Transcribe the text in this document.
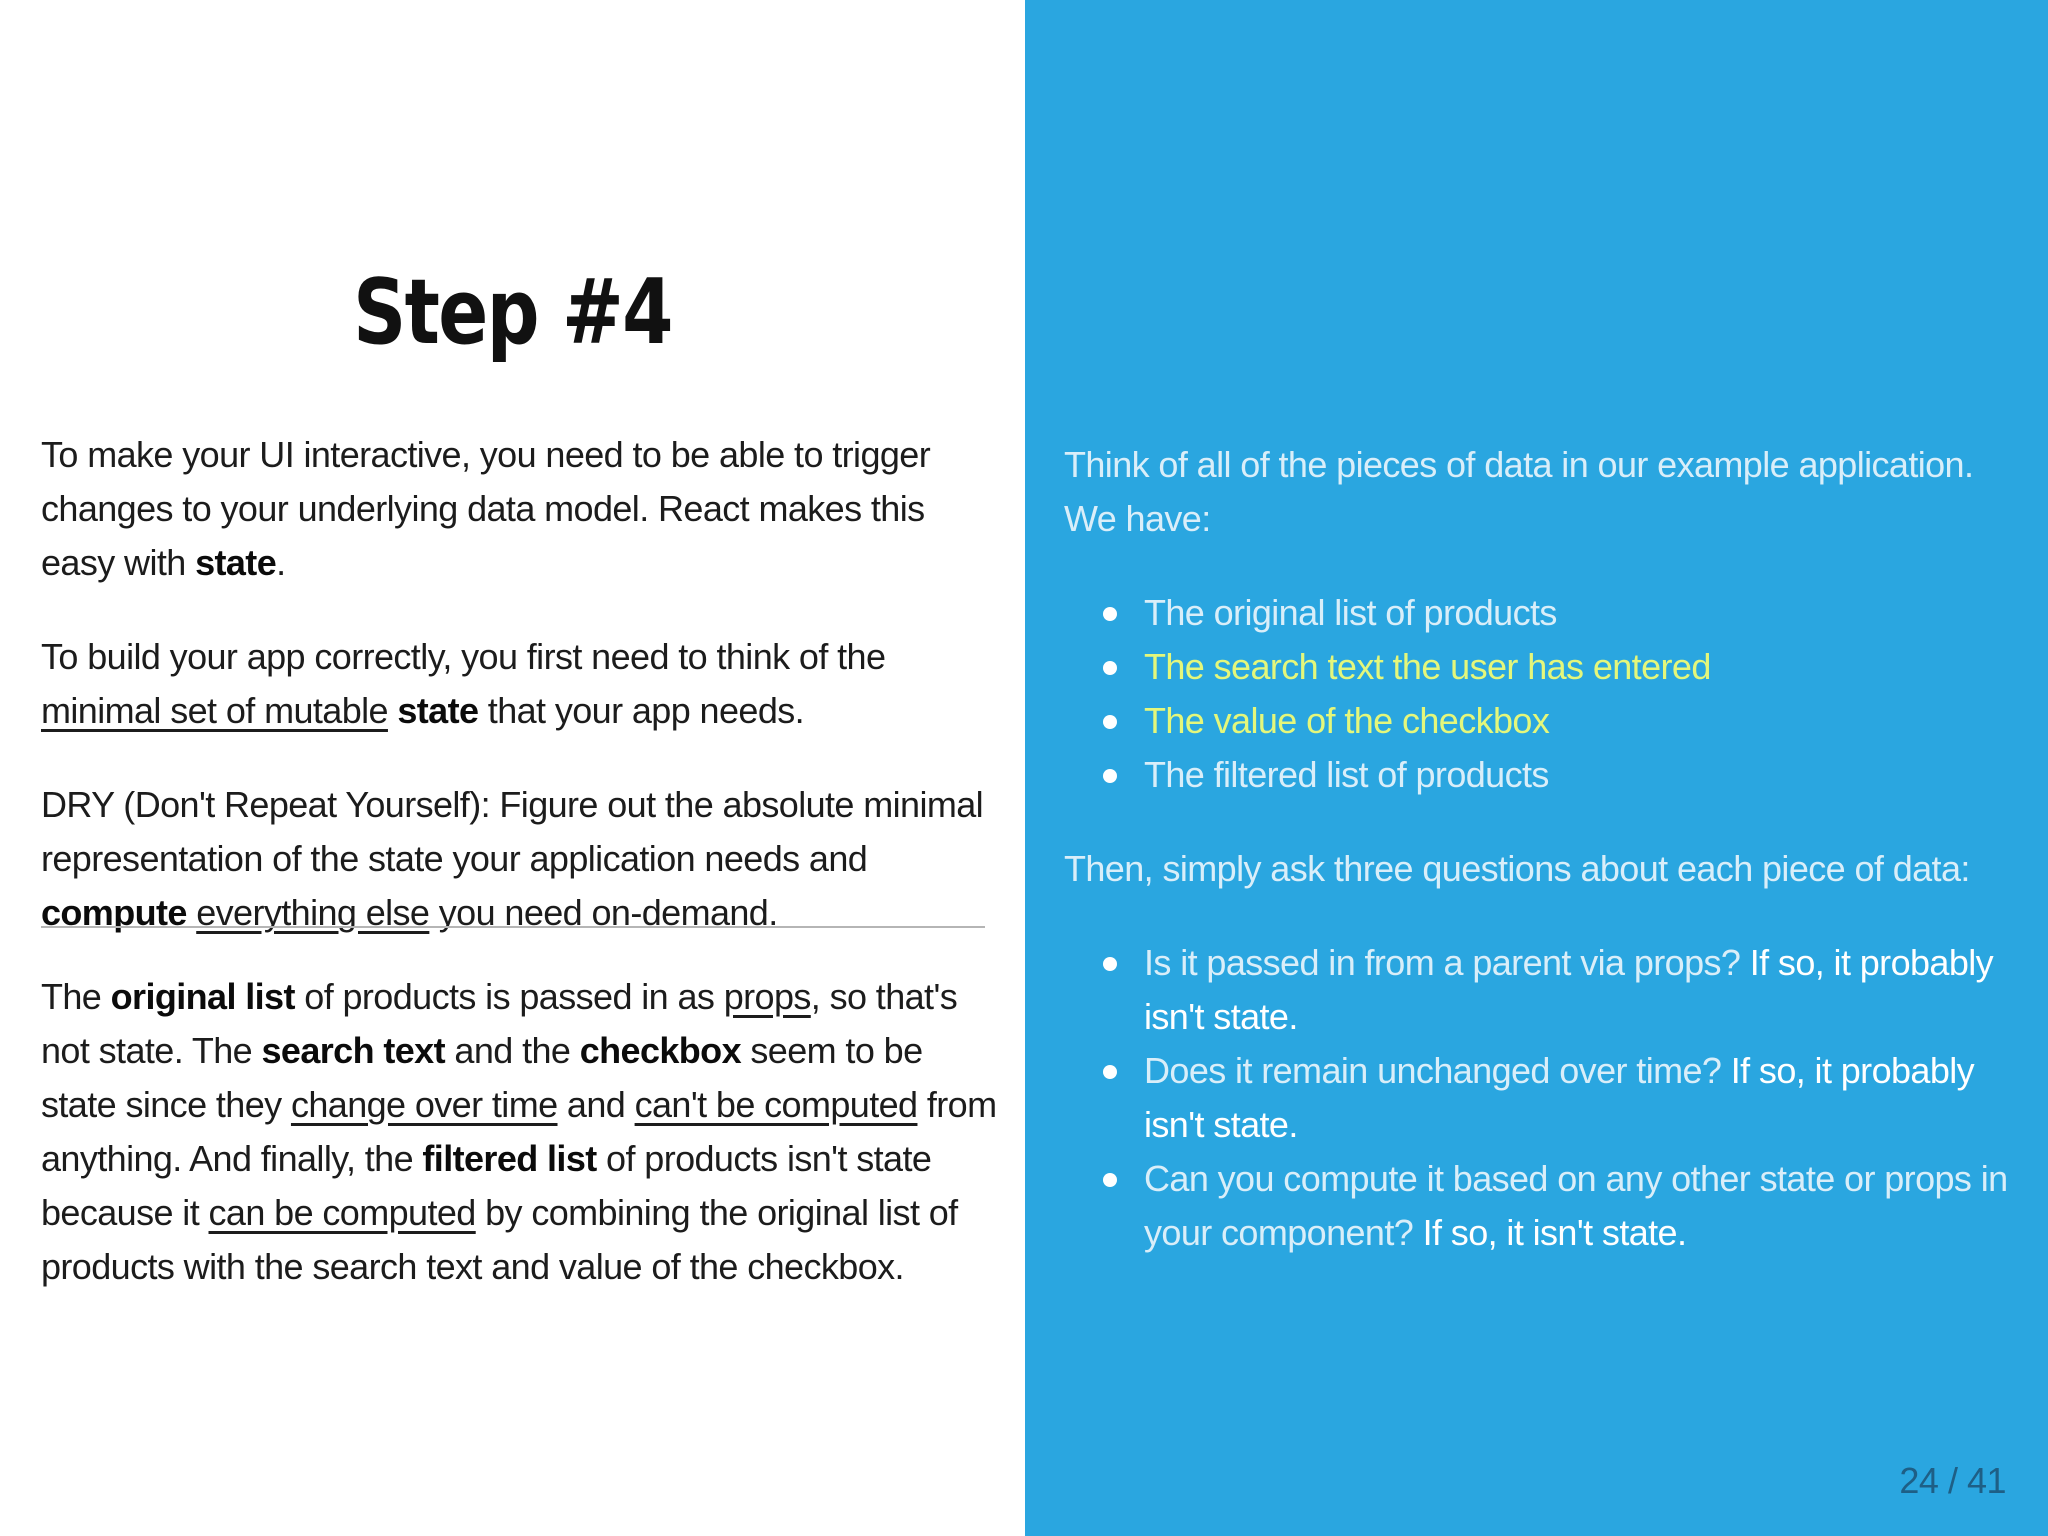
Step #4

To make your UI interactive, you need to be able to trigger changes to your underlying data model. React makes this easy with state.

To build your app correctly, you first need to think of the minimal set of mutable state that your app needs.

DRY (Don't Repeat Yourself): Figure out the absolute minimal representation of the state your application needs and compute everything else you need on-demand.

The original list of products is passed in as props, so that's not state. The search text and the checkbox seem to be state since they change over time and can't be computed from anything. And finally, the filtered list of products isn't state because it can be computed by combining the original list of products with the search text and value of the checkbox.

Think of all of the pieces of data in our example application. We have:

The original list of products
The search text the user has entered
The value of the checkbox
The filtered list of products

Then, simply ask three questions about each piece of data:

Is it passed in from a parent via props? If so, it probably isn't state.
Does it remain unchanged over time? If so, it probably isn't state.
Can you compute it based on any other state or props in your component? If so, it isn't state.
24 / 41
